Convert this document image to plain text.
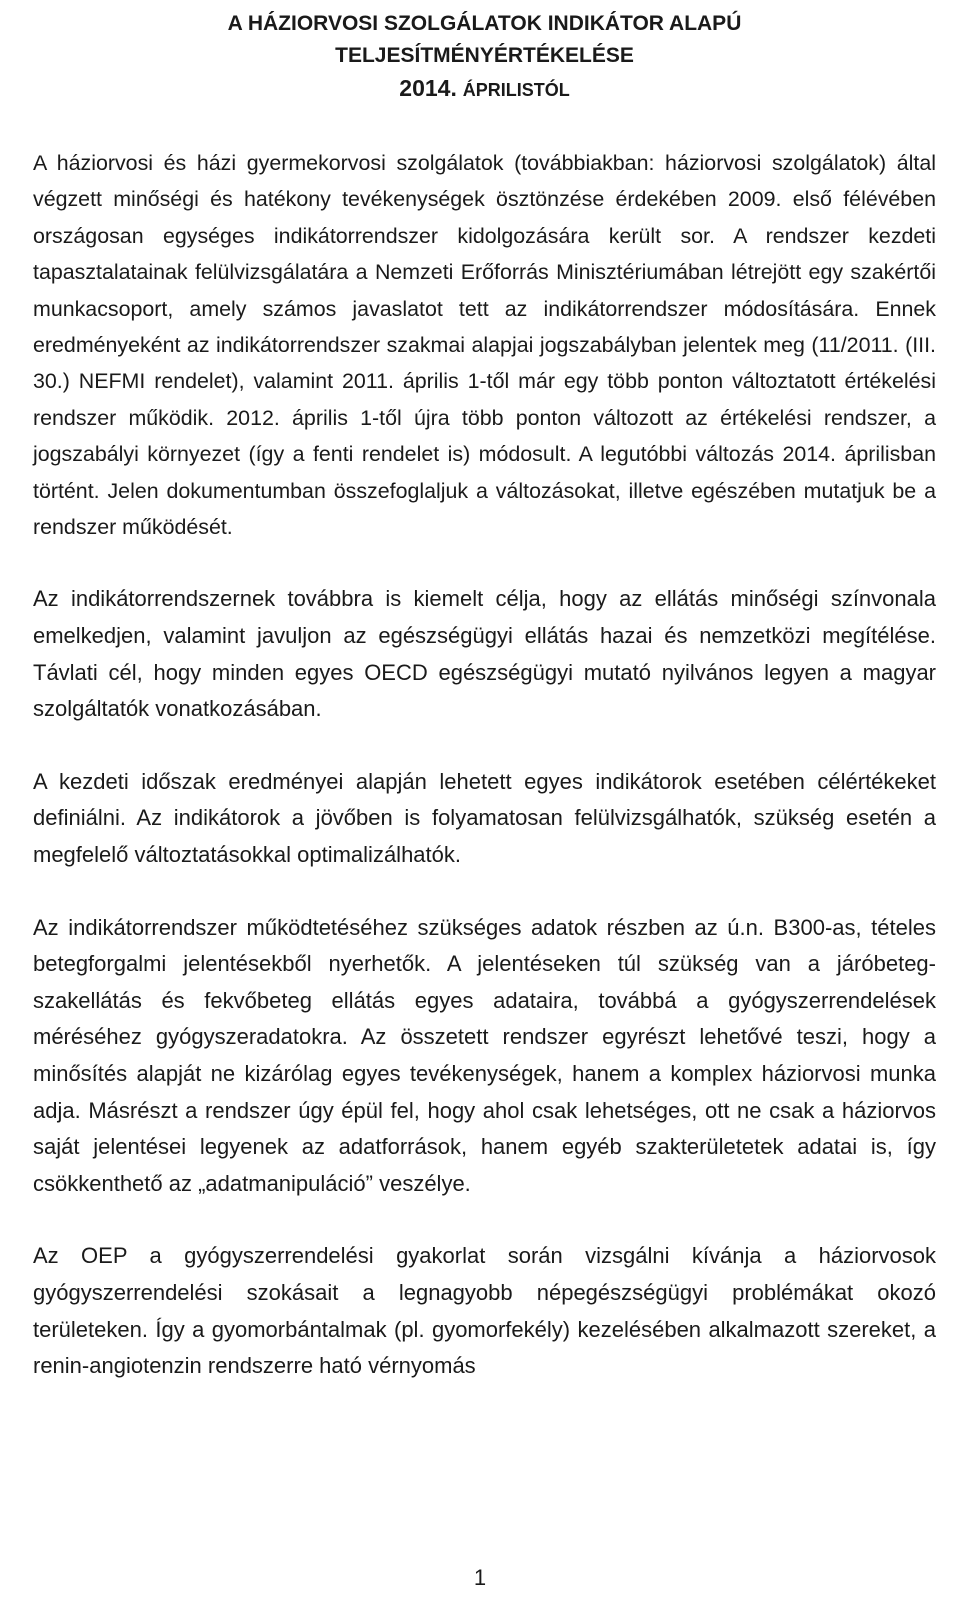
A HÁZIORVOSI SZOLGÁLATOK INDIKÁTOR ALAPÚ
TELJESÍTMÉNYÉRTÉKELÉSE
2014. ÁPRILISTÓL

A háziorvosi és házi gyermekorvosi szolgálatok (továbbiakban: háziorvosi szolgálatok) által végzett minőségi és hatékony tevékenységek ösztönzése érdekében 2009. első félévében országosan egységes indikátorrendszer kidolgozására került sor. A rendszer kezdeti tapasztalatainak felülvizsgálatára a Nemzeti Erőforrás Minisztériumában létrejött egy szakértői munkacsoport, amely számos javaslatot tett az indikátorrendszer módosítására. Ennek eredményeként az indikátorrendszer szakmai alapjai jogszabályban jelentek meg (11/2011. (III. 30.) NEFMI rendelet), valamint 2011. április 1-től már egy több ponton változtatott értékelési rendszer működik. 2012. április 1-től újra több ponton változott az értékelési rendszer, a jogszabályi környezet (így a fenti rendelet is) módosult. A legutóbbi változás 2014. áprilisban történt. Jelen dokumentumban összefoglaljuk a változásokat, illetve egészében mutatjuk be a rendszer működését.

Az indikátorrendszernek továbbra is kiemelt célja, hogy az ellátás minőségi színvonala emelkedjen, valamint javuljon az egészségügyi ellátás hazai és nemzetközi megítélése. Távlati cél, hogy minden egyes OECD egészségügyi mutató nyilvános legyen a magyar szolgáltatók vonatkozásában.

A kezdeti időszak eredményei alapján lehetett egyes indikátorok esetében célértékeket definiálni. Az indikátorok a jövőben is folyamatosan felülvizsgálhatók, szükség esetén a megfelelő változtatásokkal optimalizálhatók.

Az indikátorrendszer működtetéséhez szükséges adatok részben az ú.n. B300-as, tételes betegforgalmi jelentésekből nyerhetők. A jelentéseken túl szükség van a járóbeteg-szakellátás és fekvőbeteg ellátás egyes adataira, továbbá a gyógyszerrendelések méréséhez gyógyszeradatokra. Az összetett rendszer egyrészt lehetővé teszi, hogy a minősítés alapját ne kizárólag egyes tevékenységek, hanem a komplex háziorvosi munka adja. Másrészt a rendszer úgy épül fel, hogy ahol csak lehetséges, ott ne csak a háziorvos saját jelentései legyenek az adatforrások, hanem egyéb szakterületetek adatai is, így csökkenthető az „adatmanipuláció” veszélye.

Az OEP a gyógyszerrendelési gyakorlat során vizsgálni kívánja a háziorvosok gyógyszerrendelési szokásait a legnagyobb népegészségügyi problémákat okozó területeken. Így a gyomorbántalmak (pl. gyomorfekély) kezelésében alkalmazott szereket, a renin-angiotenzin rendszerre ható vérnyomás

1
